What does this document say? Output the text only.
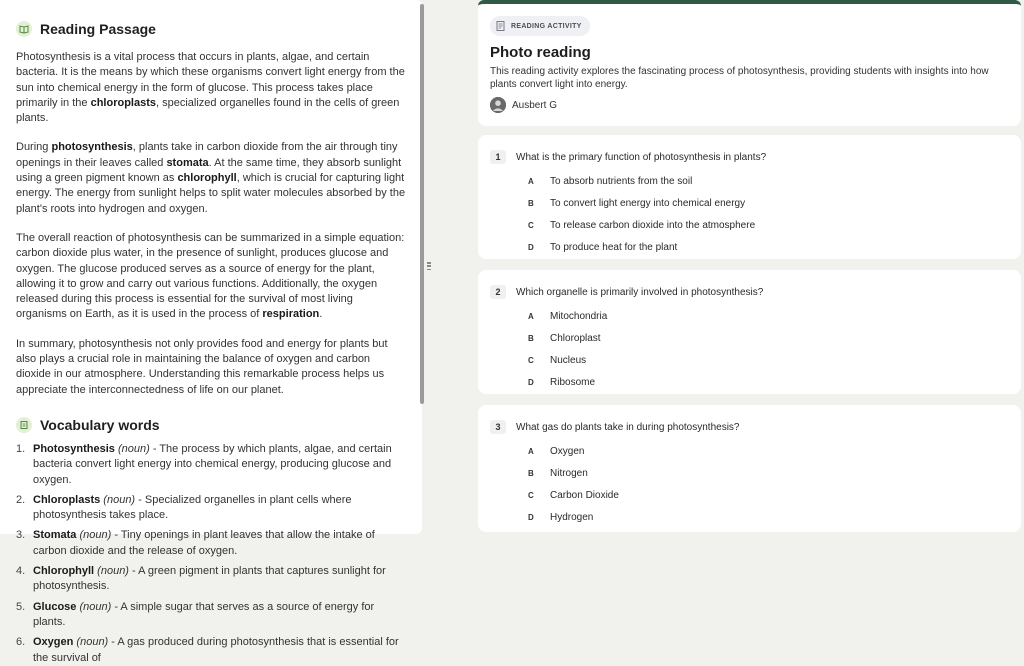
Reading Passage

Photosynthesis is a vital process that occurs in plants, algae, and certain bacteria. It is the means by which these organisms convert light energy from the sun into chemical energy in the form of glucose. This process takes place primarily in the chloroplasts, specialized organelles found in the cells of green plants.

During photosynthesis, plants take in carbon dioxide from the air through tiny openings in their leaves called stomata. At the same time, they absorb sunlight using a green pigment known as chlorophyll, which is crucial for capturing light energy. The energy from sunlight helps to split water molecules absorbed by the plant's roots into hydrogen and oxygen.

The overall reaction of photosynthesis can be summarized in a simple equation: carbon dioxide plus water, in the presence of sunlight, produces glucose and oxygen. The glucose produced serves as a source of energy for the plant, allowing it to grow and carry out various functions. Additionally, the oxygen released during this process is essential for the survival of most living organisms on Earth, as it is used in the process of respiration.

In summary, photosynthesis not only provides food and energy for plants but also plays a crucial role in maintaining the balance of oxygen and carbon dioxide in our atmosphere. Understanding this remarkable process helps us appreciate the interconnectedness of life on our planet.

Vocabulary words
1. Photosynthesis (noun) - The process by which plants, algae, and certain bacteria convert light energy into chemical energy, producing glucose and oxygen.
2. Chloroplasts (noun) - Specialized organelles in plant cells where photosynthesis takes place.
3. Stomata (noun) - Tiny openings in plant leaves that allow the intake of carbon dioxide and the release of oxygen.
4. Chlorophyll (noun) - A green pigment in plants that captures sunlight for photosynthesis.
5. Glucose (noun) - A simple sugar that serves as a source of energy for plants.
6. Oxygen (noun) - A gas produced during photosynthesis that is essential for the survival of
READING ACTIVITY
Photo reading
This reading activity explores the fascinating process of photosynthesis, providing students with insights into how plants convert light into energy.
Ausbert G
1	What is the primary function of photosynthesis in plants?
A	To absorb nutrients from the soil
B	To convert light energy into chemical energy
C	To release carbon dioxide into the atmosphere
D	To produce heat for the plant
2	Which organelle is primarily involved in photosynthesis?
A	Mitochondria
B	Chloroplast
C	Nucleus
D	Ribosome
3	What gas do plants take in during photosynthesis?
A	Oxygen
B	Nitrogen
C	Carbon Dioxide
D	Hydrogen
